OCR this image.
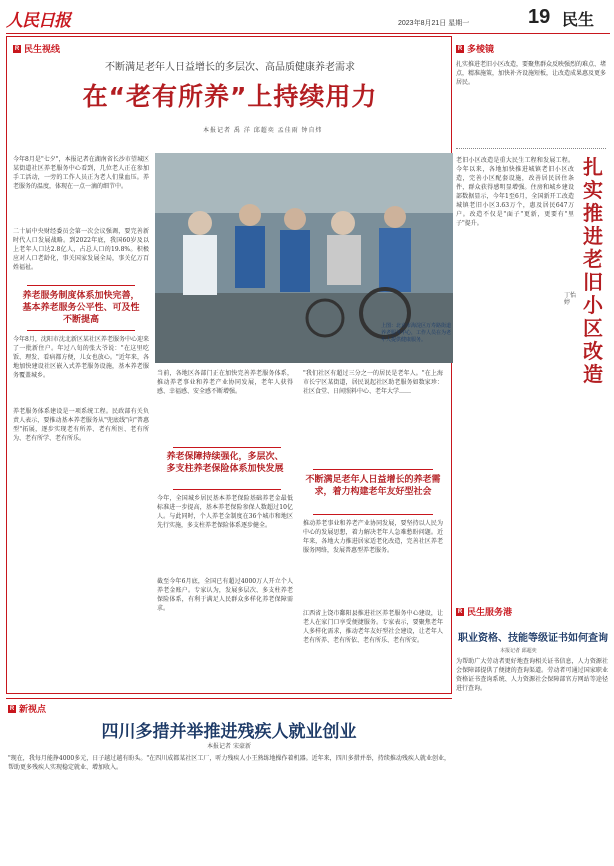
人民日报	2023年8月21日 星期一	19 民生
R 民生视线
不断满足老年人日益增长的多层次、高品质健康养老需求
在“老有所养”上持续用力
本报记者 禹 洋 邱超奕 孟佳雨 钟自炜
今年8月是"七夕"，本报记者在湖南省长沙市望城区某街道社区养老服务中心看到，几位老人正在参加手工活动，一旁的工作人员正为老人们量血压。养老服务的温度，体现在一点一滴的细节中。
二十届中央财经委员会第一次会议强调，要完善新时代人口发展战略。到2022年底，我国60岁及以上老年人口达2.8亿人，占总人口的19.8%。积极应对人口老龄化，事关国家发展全局，事关亿万百姓福祉。
上图：北京市海淀区万寿路街道养老服务中心，工作人员在为老年人提供健康服务。
养老服务制度体系加快完善，基本养老服务公平性、可及性不断提高
今年8月，沈阳市沈北新区某社区养老服务中心迎来了一批新住户。年过八旬的张大爷说："在这里吃饭、理发、看病都方便，儿女也放心。"近年来，各地加快建设社区嵌入式养老服务设施，基本养老服务覆盖城乡。
养老服务体系建设是一项系统工程。民政部有关负责人表示，要推动基本养老服务从"兜底线"向"普惠型"拓展，逐步实现老有所养、老有所医、老有所为、老有所学、老有所乐。
当前，各地区各部门正在加快完善养老服务体系，推动养老事业和养老产业协同发展，老年人获得感、幸福感、安全感不断增强。
养老保障持续强化，多层次、多支柱养老保险体系加快发展
今年，全国城乡居民基本养老保险基础养老金最低标准进一步提高，基本养老保险参保人数超过10亿人。与此同时，个人养老金制度在36个城市和地区先行实施，多支柱养老保险体系逐步健全。
截至今年6月底，全国已有超过4000万人开立个人养老金账户。专家认为，发展多层次、多支柱养老保险体系，有利于满足人民群众多样化养老保障需求。
"我们社区有超过三分之一的居民是老年人。"在上海市长宁区某街道，居民说起社区助老服务如数家珍：社区食堂、日间照料中心、老年大学……
不断满足老年人日益增长的养老需求，着力构建老年友好型社会
推动养老事业和养老产业协同发展，要坚持以人民为中心的发展思想，着力解决老年人急难愁盼问题。近年来，各地大力推进居家适老化改造，完善社区养老服务网络，发展普惠型养老服务。
江西省上饶市鄱阳县推进社区养老服务中心建设，让老人在家门口享受便捷服务。专家表示，要聚焦老年人多样化需求，推动老年友好型社会建设，让老年人老有所养、老有所依、老有所乐、老有所安。
R 多棱镜
扎实推进老旧小区改造，要聚焦群众反映强烈的难点、堵点，精准施策，加快补齐设施短板，让改造成果惠及更多居民。
扎实推进老旧小区改造
丁怡婷
老旧小区改造是重大民生工程和发展工程。今年以来，各地加快推进城镇老旧小区改造，完善小区配套设施，改善居民居住条件，群众获得感明显增强。住房和城乡建设部数据显示，今年1至6月，全国新开工改造城镇老旧小区3.63万个，惠及居民647万户。改造不仅是"面子"更新，更要有"里子"提升。
R 民生服务港
职业资格、技能等级证书如何查询
本报记者 邱超奕
为帮助广大劳动者更好地查询相关证书信息，人力资源社会保障部提供了便捷的查询渠道。劳动者可通过国家职业资格证书查询系统、人力资源社会保障部官方网站等途径进行查询。
R 新视点
四川多措并举推进残疾人就业创业
本报记者 宋豪新
"现在，我每月能挣4000多元，日子越过越有盼头。"在四川成都某社区工厂，听力残疾人小王熟练地操作着机器。近年来，四川多措并举，持续推动残疾人就业创业，帮助更多残疾人实现稳定就业、增加收入。
